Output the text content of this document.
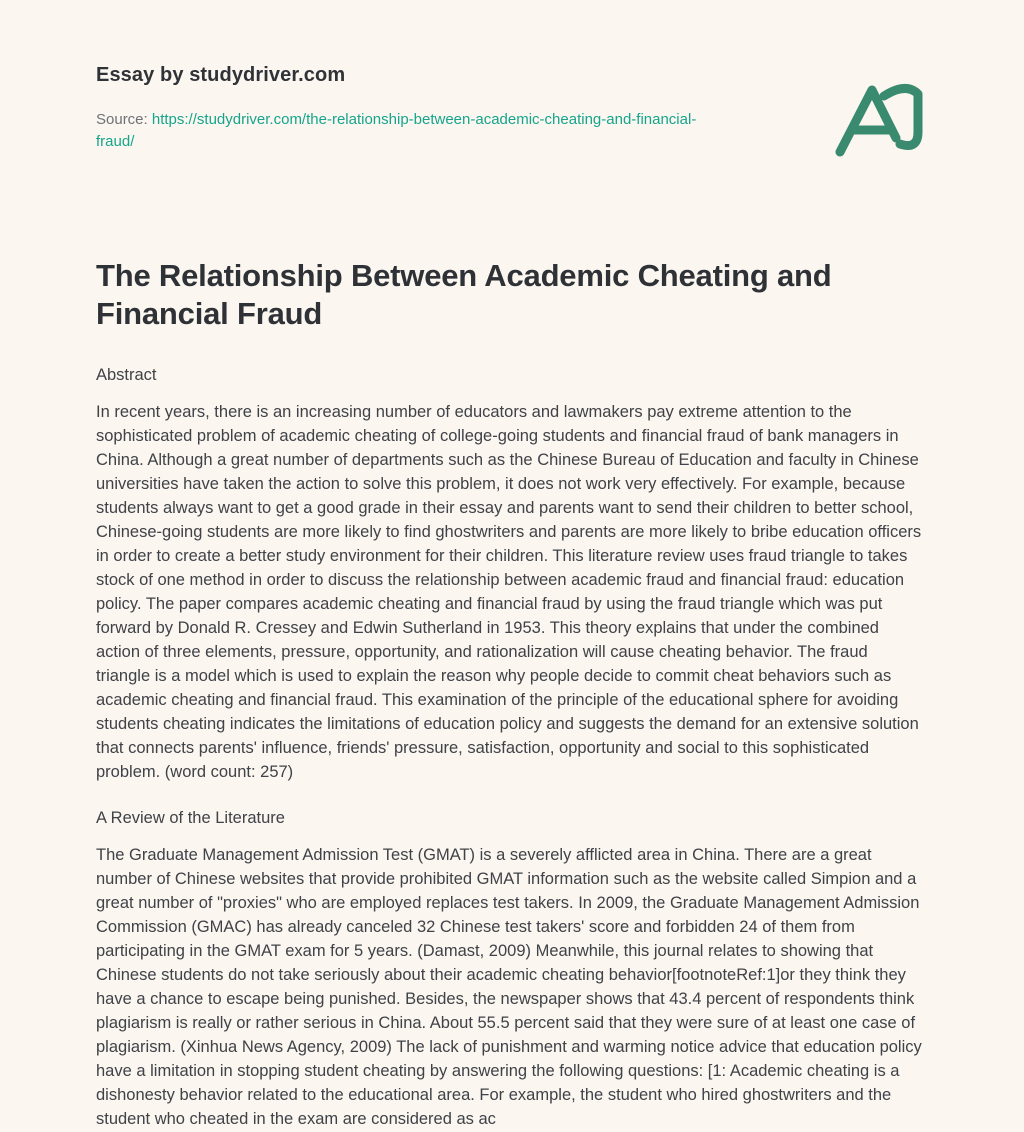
Essay by studydriver.com
Source: https://studydriver.com/the-relationship-between-academic-cheating-and-financial-fraud/
The Relationship Between Academic Cheating and Financial Fraud
Abstract

In recent years, there is an increasing number of educators and lawmakers pay extreme attention to the sophisticated problem of academic cheating of college-going students and financial fraud of bank managers in China. Although a great number of departments such as the Chinese Bureau of Education and faculty in Chinese universities have taken the action to solve this problem, it does not work very effectively. For example, because students always want to get a good grade in their essay and parents want to send their children to better school, Chinese-going students are more likely to find ghostwriters and parents are more likely to bribe education officers in order to create a better study environment for their children. This literature review uses fraud triangle to takes stock of one method in order to discuss the relationship between academic fraud and financial fraud: education policy. The paper compares academic cheating and financial fraud by using the fraud triangle which was put forward by Donald R. Cressey and Edwin Sutherland in 1953. This theory explains that under the combined action of three elements, pressure, opportunity, and rationalization will cause cheating behavior. The fraud triangle is a model which is used to explain the reason why people decide to commit cheat behaviors such as academic cheating and financial fraud. This examination of the principle of the educational sphere for avoiding students cheating indicates the limitations of education policy and suggests the demand for an extensive solution that connects parents' influence, friends' pressure, satisfaction, opportunity and social to this sophisticated problem. (word count: 257)

A Review of the Literature

The Graduate Management Admission Test (GMAT) is a severely afflicted area in China. There are a great number of Chinese websites that provide prohibited GMAT information such as the website called Simpion and a great number of "proxies" who are employed replaces test takers. In 2009, the Graduate Management Admission Commission (GMAC) has already canceled 32 Chinese test takers' score and forbidden 24 of them from participating in the GMAT exam for 5 years. (Damast, 2009) Meanwhile, this journal relates to showing that Chinese students do not take seriously about their academic cheating behavior[footnoteRef:1]or they think they have a chance to escape being punished. Besides, the newspaper shows that 43.4 percent of respondents think plagiarism is really or rather serious in China. About 55.5 percent said that they were sure of at least one case of plagiarism. (Xinhua News Agency, 2009) The lack of punishment and warming notice advice that education policy have a limitation in stopping student cheating by answering the following questions: [1: Academic cheating is a dishonesty behavior related to the educational area. For example, the student who hired ghostwriters and the student who cheated in the exam are considered as ac
